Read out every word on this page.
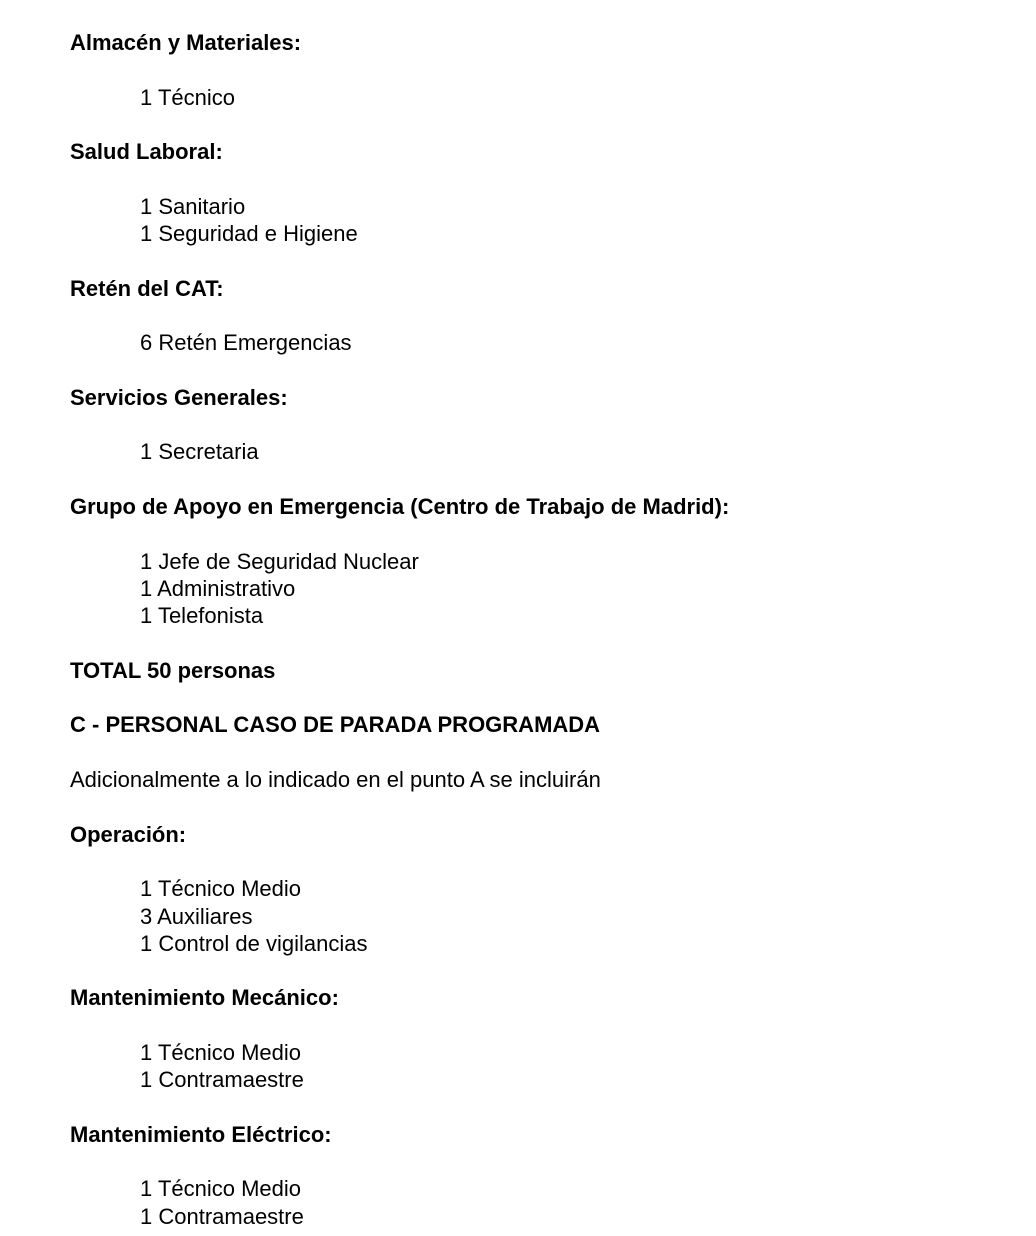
Almacén y Materiales:
1 Técnico
Salud Laboral:
1 Sanitario
1 Seguridad e Higiene
Retén del CAT:
6 Retén Emergencias
Servicios Generales:
1 Secretaria
Grupo de Apoyo en Emergencia (Centro de Trabajo de Madrid):
1 Jefe de Seguridad Nuclear
1 Administrativo
1 Telefonista
TOTAL 50 personas
C - PERSONAL CASO DE PARADA PROGRAMADA
Adicionalmente a lo indicado en el punto A se incluirán
Operación:
1 Técnico Medio
3 Auxiliares
1 Control de vigilancias
Mantenimiento Mecánico:
1 Técnico Medio
1 Contramaestre
Mantenimiento Eléctrico:
1 Técnico Medio
1 Contramaestre
